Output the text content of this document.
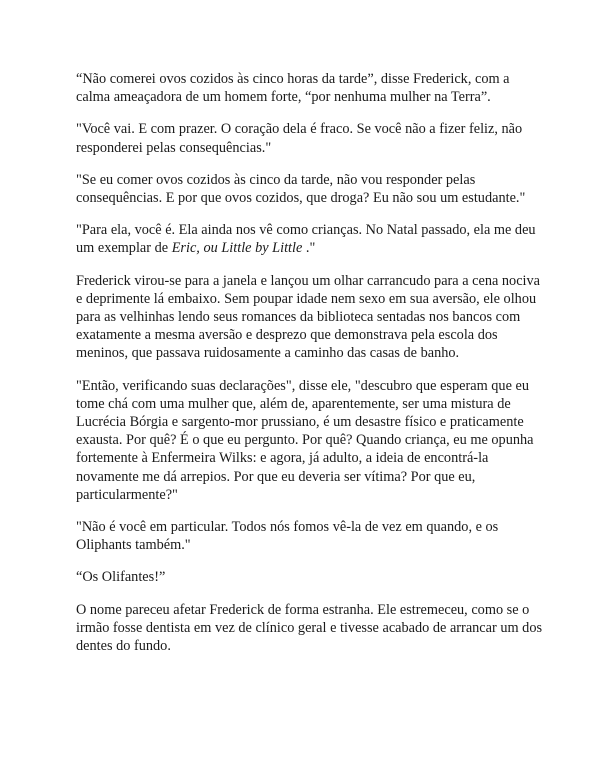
“Não comerei ovos cozidos às cinco horas da tarde”, disse Frederick, com a calma ameaçadora de um homem forte, “por nenhuma mulher na Terra”.

"Você vai. E com prazer. O coração dela é fraco. Se você não a fizer feliz, não responderei pelas consequências."

"Se eu comer ovos cozidos às cinco da tarde, não vou responder pelas consequências. E por que ovos cozidos, que droga? Eu não sou um estudante."

"Para ela, você é. Ela ainda nos vê como crianças. No Natal passado, ela me deu um exemplar de Eric, ou Little by Little ."

Frederick virou-se para a janela e lançou um olhar carrancudo para a cena nociva e deprimente lá embaixo. Sem poupar idade nem sexo em sua aversão, ele olhou para as velhinhas lendo seus romances da biblioteca sentadas nos bancos com exatamente a mesma aversão e desprezo que demonstrava pela escola dos meninos, que passava ruidosamente a caminho das casas de banho.

"Então, verificando suas declarações", disse ele, "descubro que esperam que eu tome chá com uma mulher que, além de, aparentemente, ser uma mistura de Lucrécia Bórgia e sargento-mor prussiano, é um desastre físico e praticamente exausta. Por quê? É o que eu pergunto. Por quê? Quando criança, eu me opunha fortemente à Enfermeira Wilks: e agora, já adulto, a ideia de encontrá-la novamente me dá arrepios. Por que eu deveria ser vítima? Por que eu, particularmente?"

"Não é você em particular. Todos nós fomos vê-la de vez em quando, e os Oliphants também."

“Os Olifantes!”

O nome pareceu afetar Frederick de forma estranha. Ele estremeceu, como se o irmão fosse dentista em vez de clínico geral e tivesse acabado de arrancar um dos dentes do fundo.
